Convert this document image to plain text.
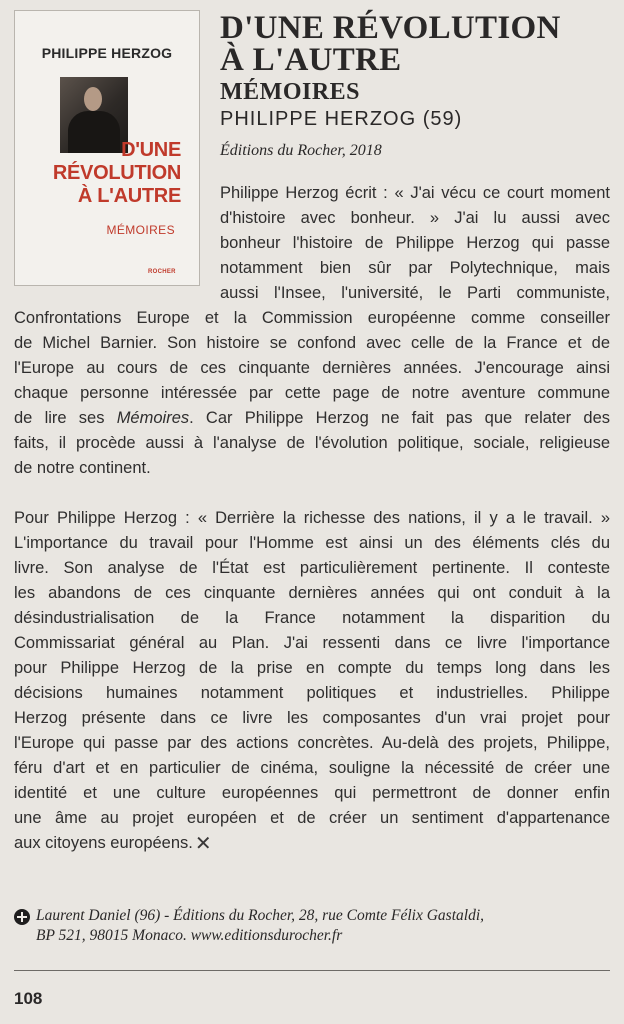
PHILIPPE HERZOG
D'UNE
RÉVOLUTION
À L'AUTRE
MÉMOIRES
ROCHER
D'UNE RÉVOLUTION
À L'AUTRE
MÉMOIRES
PHILIPPE HERZOG (59)
Éditions du Rocher, 2018
Philippe Herzog écrit : « J'ai vécu ce court moment
d'histoire avec bonheur. » J'ai lu aussi avec
bonheur l'histoire de Philippe Herzog qui passe
notamment bien sûr par Polytechnique, mais
aussi l'Insee, l'université, le Parti communiste,
Confrontations Europe et la Commission européenne comme conseiller
de Michel Barnier. Son histoire se confond avec celle de la France et de
l'Europe au cours de ces cinquante dernières années. J'encourage ainsi
chaque personne intéressée par cette page de notre aventure commune
de lire ses Mémoires. Car Philippe Herzog ne fait pas que relater des
faits, il procède aussi à l'analyse de l'évolution politique, sociale, religieuse
de notre continent.
Pour Philippe Herzog : « Derrière la richesse des nations, il y a le travail. »
L'importance du travail pour l'Homme est ainsi un des éléments clés du
livre. Son analyse de l'État est particulièrement pertinente. Il conteste
les abandons de ces cinquante dernières années qui ont conduit à la
désindustrialisation de la France notamment la disparition du
Commissariat général au Plan. J'ai ressenti dans ce livre l'importance
pour Philippe Herzog de la prise en compte du temps long dans les
décisions humaines notamment politiques et industrielles. Philippe
Herzog présente dans ce livre les composantes d'un vrai projet pour
l'Europe qui passe par des actions concrètes. Au-delà des projets, Philippe,
féru d'art et en particulier de cinéma, souligne la nécessité de créer une
identité et une culture européennes qui permettront de donner enfin
une âme au projet européen et de créer un sentiment d'appartenance
aux citoyens européens. ✕
Laurent Daniel (96) - Éditions du Rocher, 28, rue Comte Félix Gastaldi,
BP 521, 98015 Monaco. www.editionsdurocher.fr
108
